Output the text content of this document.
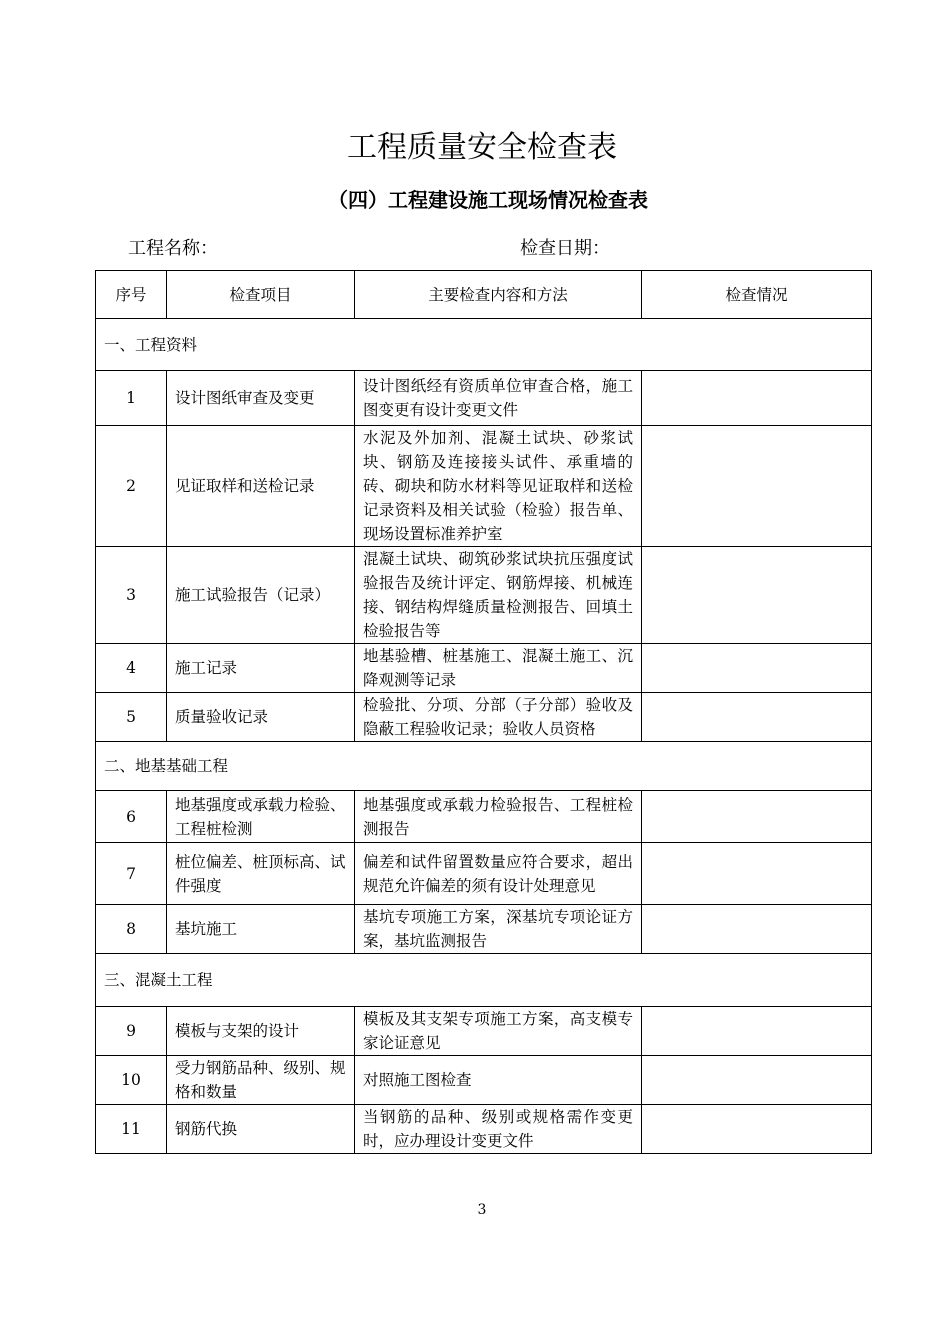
工程质量安全检查表
（四）工程建设施工现场情况检查表
工程名称：	检查日期：
序号	检查项目	主要检查内容和方法	检查情况
一、工程资料			
1	设计图纸审查及变更	设计图纸经有资质单位审查合格，施工图变更有设计变更文件	
2	见证取样和送检记录	水泥及外加剂、混凝土试块、砂浆试块、钢筋及连接接头试件、承重墙的砖、砌块和防水材料等见证取样和送检记录资料及相关试验（检验）报告单、现场设置标准养护室	
3	施工试验报告（记录）	混凝土试块、砌筑砂浆试块抗压强度试验报告及统计评定、钢筋焊接、机械连接、钢结构焊缝质量检测报告、回填土检验报告等	
4	施工记录	地基验槽、桩基施工、混凝土施工、沉降观测等记录	
5	质量验收记录	检验批、分项、分部（子分部）验收及隐蔽工程验收记录；验收人员资格	
二、地基基础工程			
6	地基强度或承载力检验、工程桩检测	地基强度或承载力检验报告、工程桩检测报告	
7	桩位偏差、桩顶标高、试件强度	偏差和试件留置数量应符合要求，超出规范允许偏差的须有设计处理意见	
8	基坑施工	基坑专项施工方案，深基坑专项论证方案，基坑监测报告	
三、混凝土工程			
9	模板与支架的设计	模板及其支架专项施工方案，高支模专家论证意见	
10	受力钢筋品种、级别、规格和数量	对照施工图检查	
11	钢筋代换	当钢筋的品种、级别或规格需作变更时，应办理设计变更文件	
3
